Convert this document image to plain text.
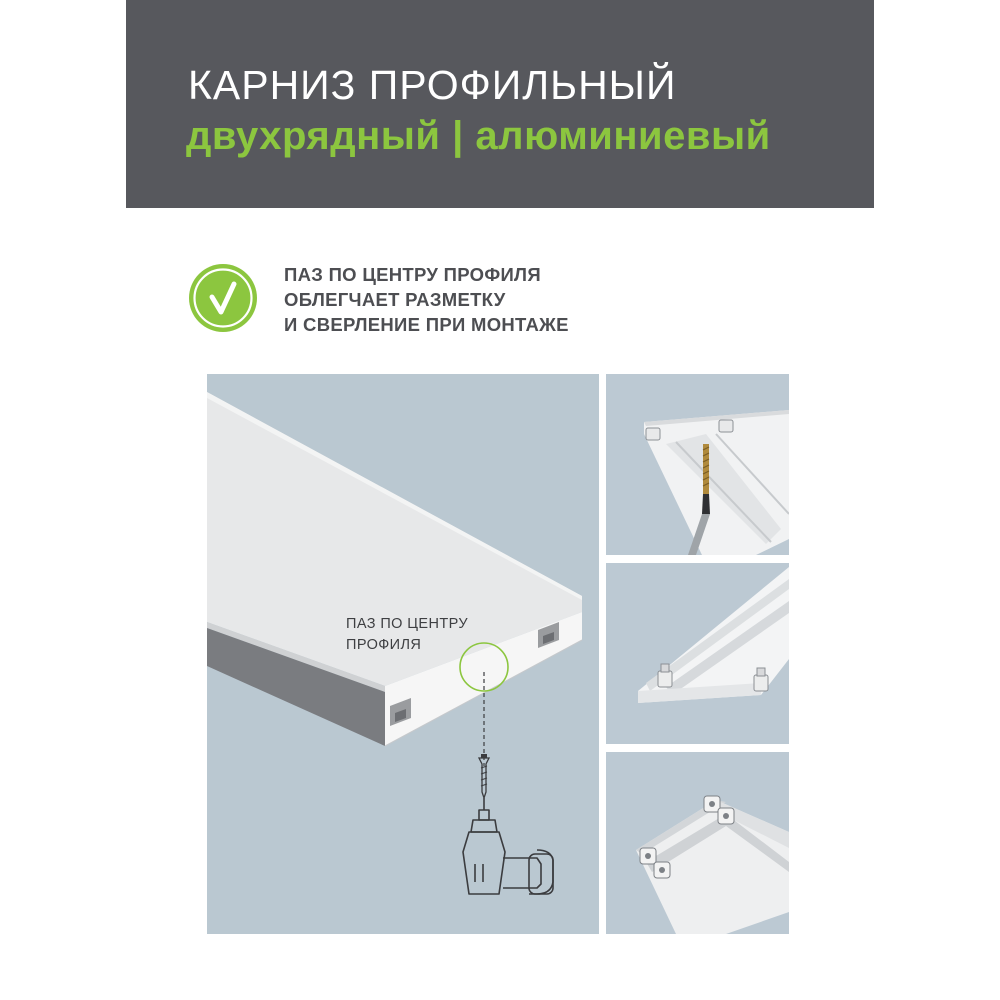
КАРНИЗ ПРОФИЛЬНЫЙ
двухрядный | алюминиевый
ПАЗ ПО ЦЕНТРУ ПРОФИЛЯ
ОБЛЕГЧАЕТ РАЗМЕТКУ
И СВЕРЛЕНИЕ ПРИ МОНТАЖЕ
ПАЗ ПО ЦЕНТРУ
ПРОФИЛЯ
